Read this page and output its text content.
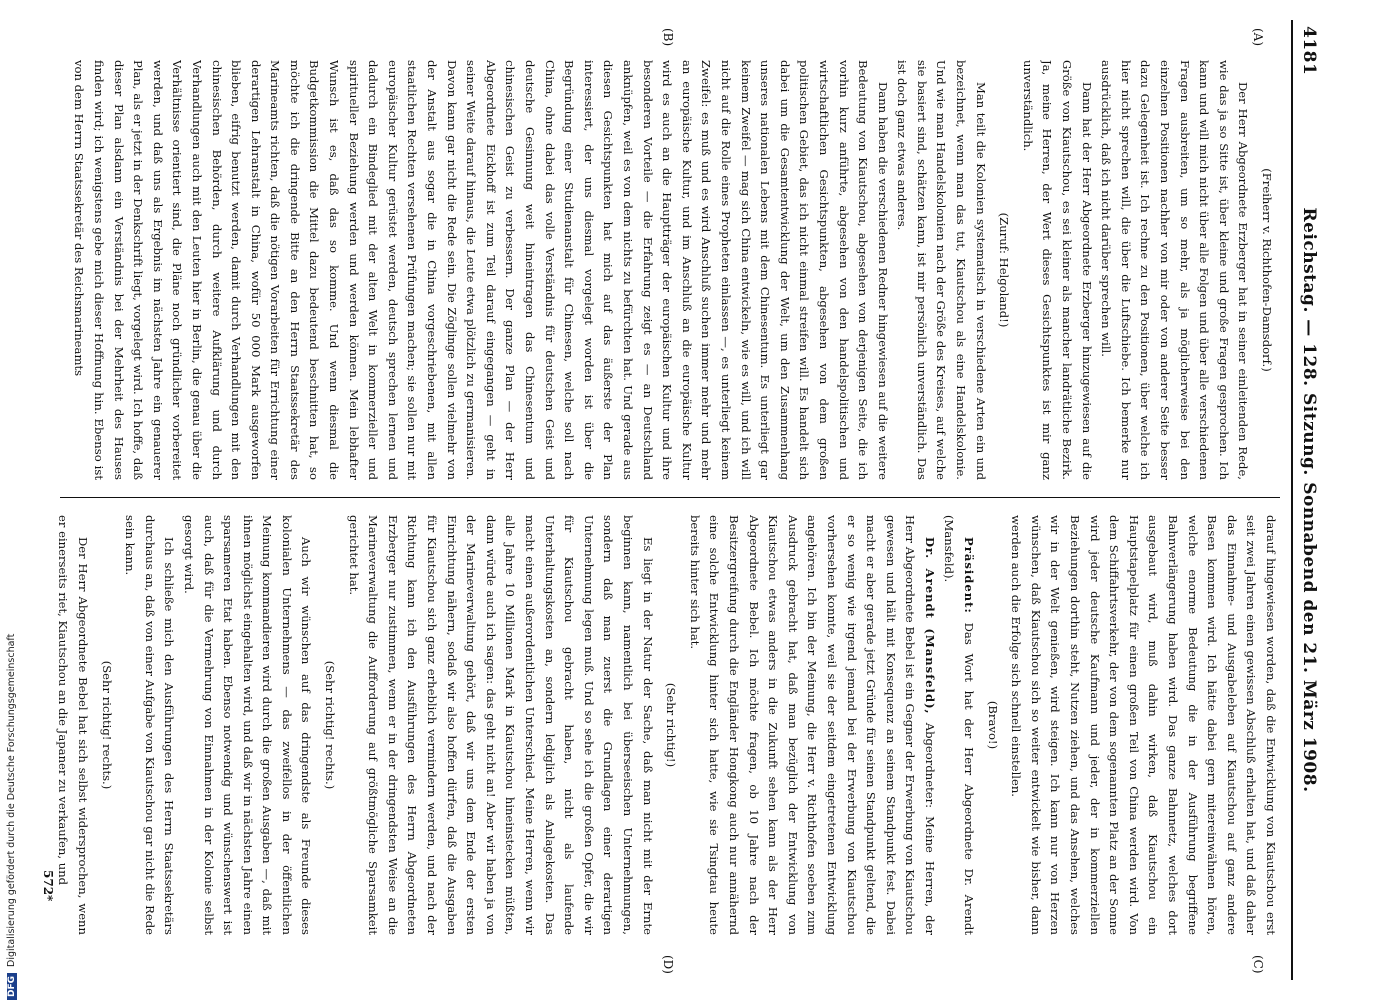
4181
Reichstag. — 128. Sitzung. Sonnabend den 21. März 1908.
(A)
(B)
(C)
(D)

(Freiherr v. Richthofen-Damsdorf.)

Der Herr Abgeordnete Erzberger hat in seiner einleitenden Rede, wie das ja so Sitte ist, über kleine und große Fragen gesprochen. Ich kann und will mich nicht über alle Folgen und über alle verschiedenen Fragen ausbreiten, um so mehr, als ja möglicherweise bei den einzelnen Positionen nachher von mir oder von anderer Seite besser dazu Gelegenheit ist. Ich rechne zu den Positionen, über welche ich hier nicht sprechen will, die über die Luftschiebe. Ich bemerke nur ausdrücklich, daß ich nicht darüber sprechen will.

Dann hat der Herr Abgeordnete Erzberger hinzugewiesen auf die Größe von Kiautschou, es sei kleiner als mancher landrätliche Bezirk. Ja, meine Herren, der Wert dieses Gesichtspunktes ist mir ganz unverständlich.

(Zuruf: Helgoland!)

Man teilt die Kolonien systematisch in verschiedene Arten ein und bezeichnet, wenn man das tut, Kiautschou als eine Handelskolonie. Und wie man Handelskolonien nach der Größe des Kreises, auf welche sie basiert sind, schätzen kann, ist mir persönlich unverständlich. Das ist doch ganz etwas anderes.

Dann haben die verschiedenen Redner hingewiesen auf die weitere Bedeutung von Kiautschou, abgesehen von derjenigen Seite, die ich vorhin kurz anführte, abgesehen von den handelspolitischen und wirtschaftlichen Gesichtspunkten, abgesehen von dem großen politischen Gebiet, das ich nicht einmal streifen will. Es handelt sich dabei um die Gesamtentwicklung der Welt, um den Zusammenhang unseres nationalen Lebens mit dem Chinesentum. Es unterliegt gar keinem Zweifel — mag sich China entwickeln, wie es will, und ich will nicht auf die Rolle eines Propheten einlassen —, es unterliegt keinem Zweifel: es muß und es wird Anschluß suchen immer mehr und mehr an europäische Kultur, und im Anschluß an die europäische Kultur wird es auch an die Hauptträger der europäischen Kultur und ihre besonderen Vorteile — die Erfahrung zeigt es — an Deutschland anknüpfen, weil es von dem nichts zu befürchten hat. Und gerade aus diesen Gesichtspunkten hat mich auf das äußerste der Plan interessiert, der uns diesmal vorgelegt worden ist über die Begründung einer Studienanstalt für Chinesen, welche soll nach China, ohne dabei das volle Verständnis für deutschen Geist und deutsche Gesinnung weit hineintragen das Chinesentum und chinesischen Geist zu verbessern. Der ganze Plan — der Herr Abgeordnete Eickhoff ist zum Teil darauf eingegangen — geht in seiner Weite darauf hinaus, die Leute etwa plötzlich zu germanisieren. Davon kann gar nicht die Rede sein. Die Zöglinge sollen vielmehr von der Anstalt aus sogar die in China vorgeschriebenen, mit allen staatlichen Rechten versehenen Prüfungen machen; sie sollen nur mit europäischer Kultur gerüstet werden, deutsch sprechen lernen und dadurch ein Bindeglied mit der alten Welt in kommerzieller und spiritueller Beziehung werden und werden können. Mein lebhafter Wunsch ist es, daß das so komme. Und wenn diesmal die Budgetkommission die Mittel dazu bedeutend beschnitten hat, so möchte ich die dringende Bitte an den Herrn Staatssekretär des Marineamts richten, daß die nötigen Vorarbeiten für Errichtung einer derartigen Lehranstalt in China, wofür 50 000 Mark ausgeworfen blieben, eifrig benutzt werden, damit durch Verhandlungen mit den chinesischen Behörden, durch weitere Aufklärung und durch Verhandlungen auch mit den Leuten hier in Berlin, die genau über die Verhältnisse orientiert sind, die Pläne noch gründlicher vorbereitet werden, und daß uns als Ergebnis im nächsten Jahre ein genauerer Plan, als er jetzt in der Denkschrift liegt, vorgelegt wird. Ich hoffe, daß dieser Plan alsdann ein Verständnis bei der Mehrheit des Hauses finden wird; ich wenigstens gebe mich dieser Hoffnung hin. Ebenso ist von dem Herrn Staatssekretär des Reichsmarineamts

darauf hingewiesen worden, daß die Entwicklung von Kiautschou erst seit zwei Jahren einen gewissen Abschluß erhalten hat, und daß daher das Einnahme- und Ausgabeleben auf Kiautschou auf ganz andere Basen kommen wird. Ich hätte dabei gern mitereinwähnen hören, welche enorme Bedeutung die in der Ausführung begriffene Bahnverlängerung haben wird. Das ganze Bahnnetz, welches dort ausgebaut wird, muß dahin wirken, daß Kiautschou ein Hauptstapelplatz für einen großen Teil von China werden wird. Von dem Schiffahrtsverkehr, der von dem sogenannten Platz an der Sonne wird jeder deutsche Kaufmann und jeder, der in kommerziellen Beziehungen dorthin steht, Nutzen ziehen, und das Ansehen, welches wir in der Welt genießen, wird steigen. Ich kann nur von Herzen wünschen, daß Kiautschou sich so weiter entwickelt wie bisher, dann werden auch die Erfolge sich schnell einstellen.

(Bravo!)

Präsident: Das Wort hat der Herr Abgeordnete Dr. Arendt (Mansfeld).

Dr. Arendt (Mansfeld), Abgeordneter: Meine Herren, der Herr Abgeordnete Bebel ist ein Gegner der Erwerbung von Kiautschou gewesen und hält mit Konsequenz an seinem Standpunkt fest. Dabei macht er aber gerade jetzt Gründe für seinen Standpunkt geltend, die er so wenig wie irgend jemand bei der Erwerbung von Kiautschou vorhersehen konnte, weil sie der seitdem eingetretenen Entwicklung angehören. Ich bin der Meinung, die Herr v. Richthofen soeben zum Ausdruck gebracht hat, daß man bezüglich der Entwicklung von Kiautschou etwas anders in die Zukunft sehen kann als der Herr Abgeordnete Bebel. Ich möchte fragen, ob 10 Jahre nach der Besitzergreifung durch die Engländer Hongkong auch nur annähernd eine solche Entwicklung hinter sich hatte, wie sie Tsingtau heute bereits hinter sich hat.

(Sehr richtig!)

Es liegt in der Natur der Sache, daß man nicht mit der Ernte beginnen kann, namentlich bei überseeischen Unternehmungen, sondern daß man zuerst die Grundlagen einer derartigen Unternehmung legen muß. Und so sehe ich die großen Opfer, die wir für Kiautschou gebracht haben, nicht als laufende Unterhaltungskosten an, sondern lediglich als Anlagekosten. Das macht einen außerordentlichen Unterschied. Meine Herren, wenn wir alle Jahre 10 Millionen Mark in Kiautschou hineinstecken müßten, dann würde auch ich sagen: das geht nicht an! Aber wir haben ja von der Marineverwaltung gehört, daß wir uns dem Ende der ersten Einrichtung nähern, sodaß wir also hoffen dürfen, daß die Ausgaben für Kiautschou sich ganz erheblich vermindern werden, und nach der Richtung kann ich den Ausführungen des Herrn Abgeordneten Erzberger nur zustimmen, wenn er in der dringendsten Weise an die Marineverwaltung die Aufforderung auf größtmögliche Sparsamkeit gerichtet hat.

(Sehr richtig! rechts.)

Auch wir wünschen auf das dringendste als Freunde dieses kolonialen Unternehmens — das zweifellos in der öffentlichen Meinung kommandieren wird durch die großen Ausgaben —, daß mit ihnen möglichst eingehalten wird, und daß wir in nächsten Jahre einen sparsameren Etat haben. Ebenso notwendig und wünschenswert ist auch, daß für die Vermehrung von Einnahmen in der Kolonie selbst gesorgt wird.

Ich schließe mich den Ausführungen des Herrn Staatssekretärs durchaus an, daß von einer Aufgabe von Kiautschou gar nicht die Rede sein kann.

(Sehr richtig! rechts.)

Der Herr Abgeordnete Bebel hat sich selbst widersprochen, wenn er einerseits riet, Kiautschou an die Japaner zu verkaufen, und

572*
DFGDigitalisierung gefördert durch die Deutsche Forschungsgemeinschaft
